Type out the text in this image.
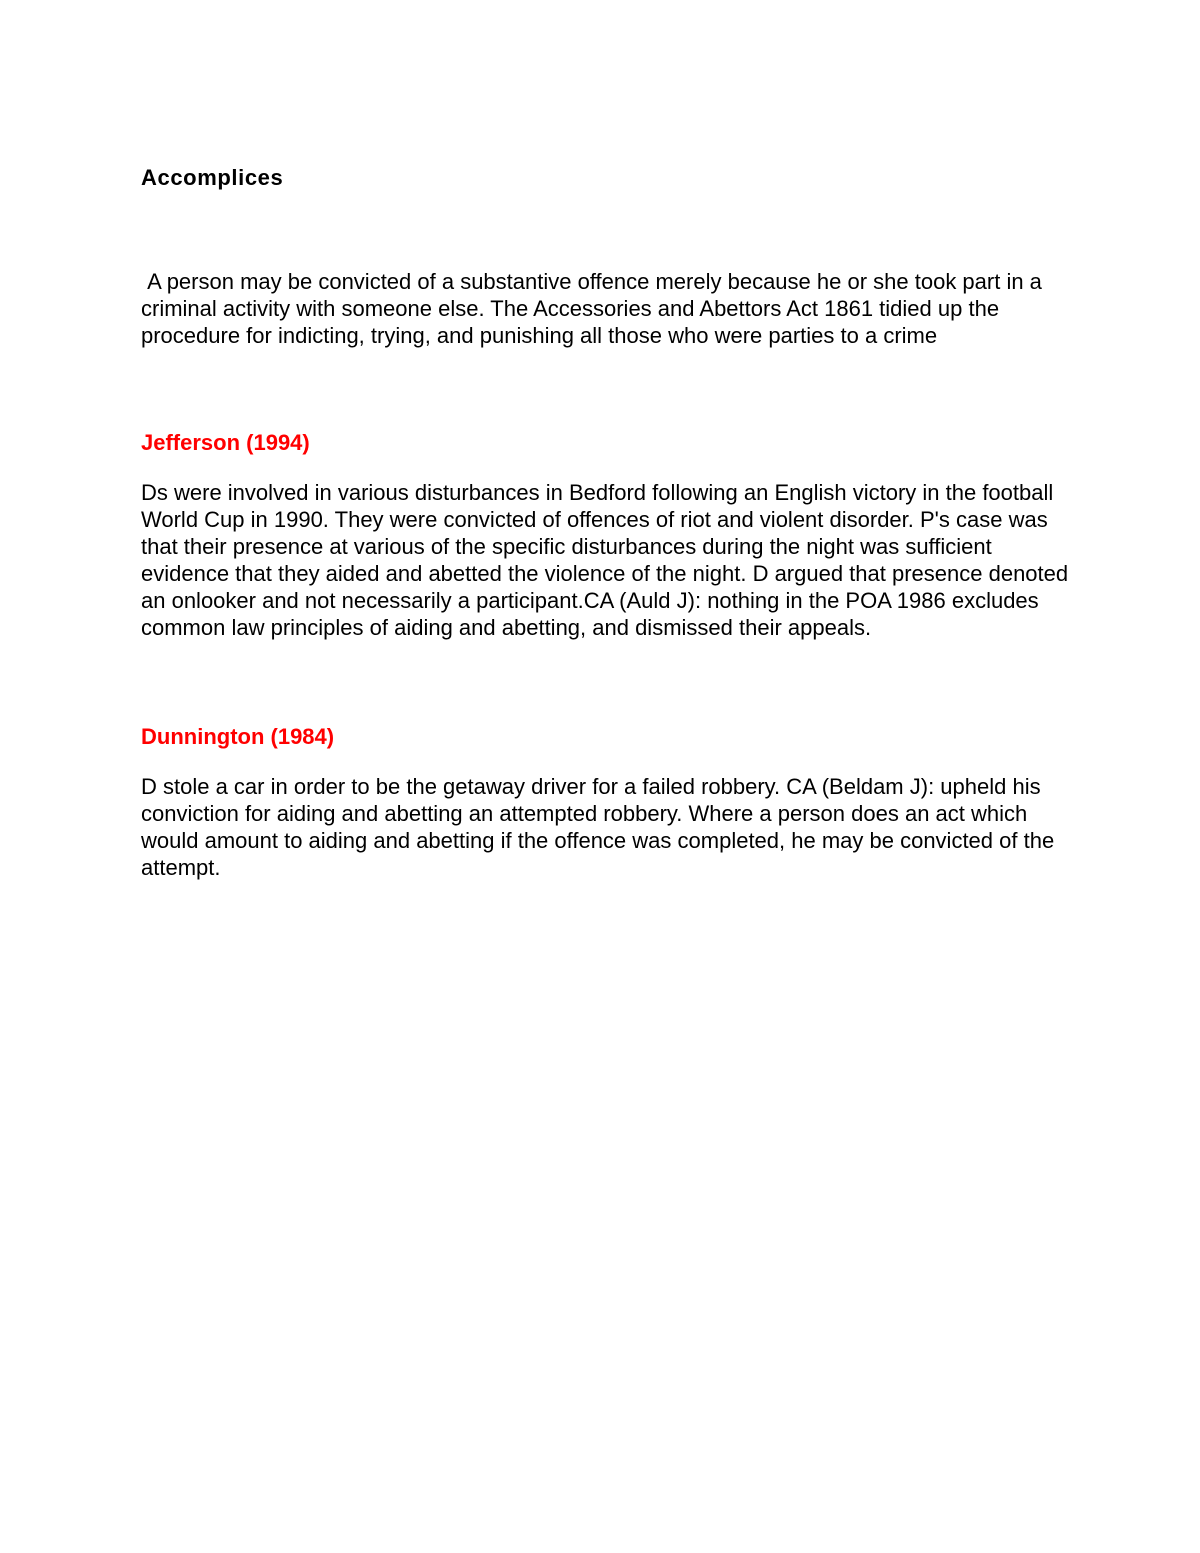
Accomplices

A person may be convicted of a substantive offence merely because he or she took part in a criminal activity with someone else. The Accessories and Abettors Act 1861 tidied up the procedure for indicting, trying, and punishing all those who were parties to a crime

Jefferson (1994)

Ds were involved in various disturbances in Bedford following an English victory in the football World Cup in 1990. They were convicted of offences of riot and violent disorder. P's case was that their presence at various of the specific disturbances during the night was sufficient evidence that they aided and abetted the violence of the night. D argued that presence denoted an onlooker and not necessarily a participant.CA (Auld J): nothing in the POA 1986 excludes common law principles of aiding and abetting, and dismissed their appeals.

Dunnington (1984)

D stole a car in order to be the getaway driver for a failed robbery. CA (Beldam J): upheld his conviction for aiding and abetting an attempted robbery. Where a person does an act which would amount to aiding and abetting if the offence was completed, he may be convicted of the attempt.
